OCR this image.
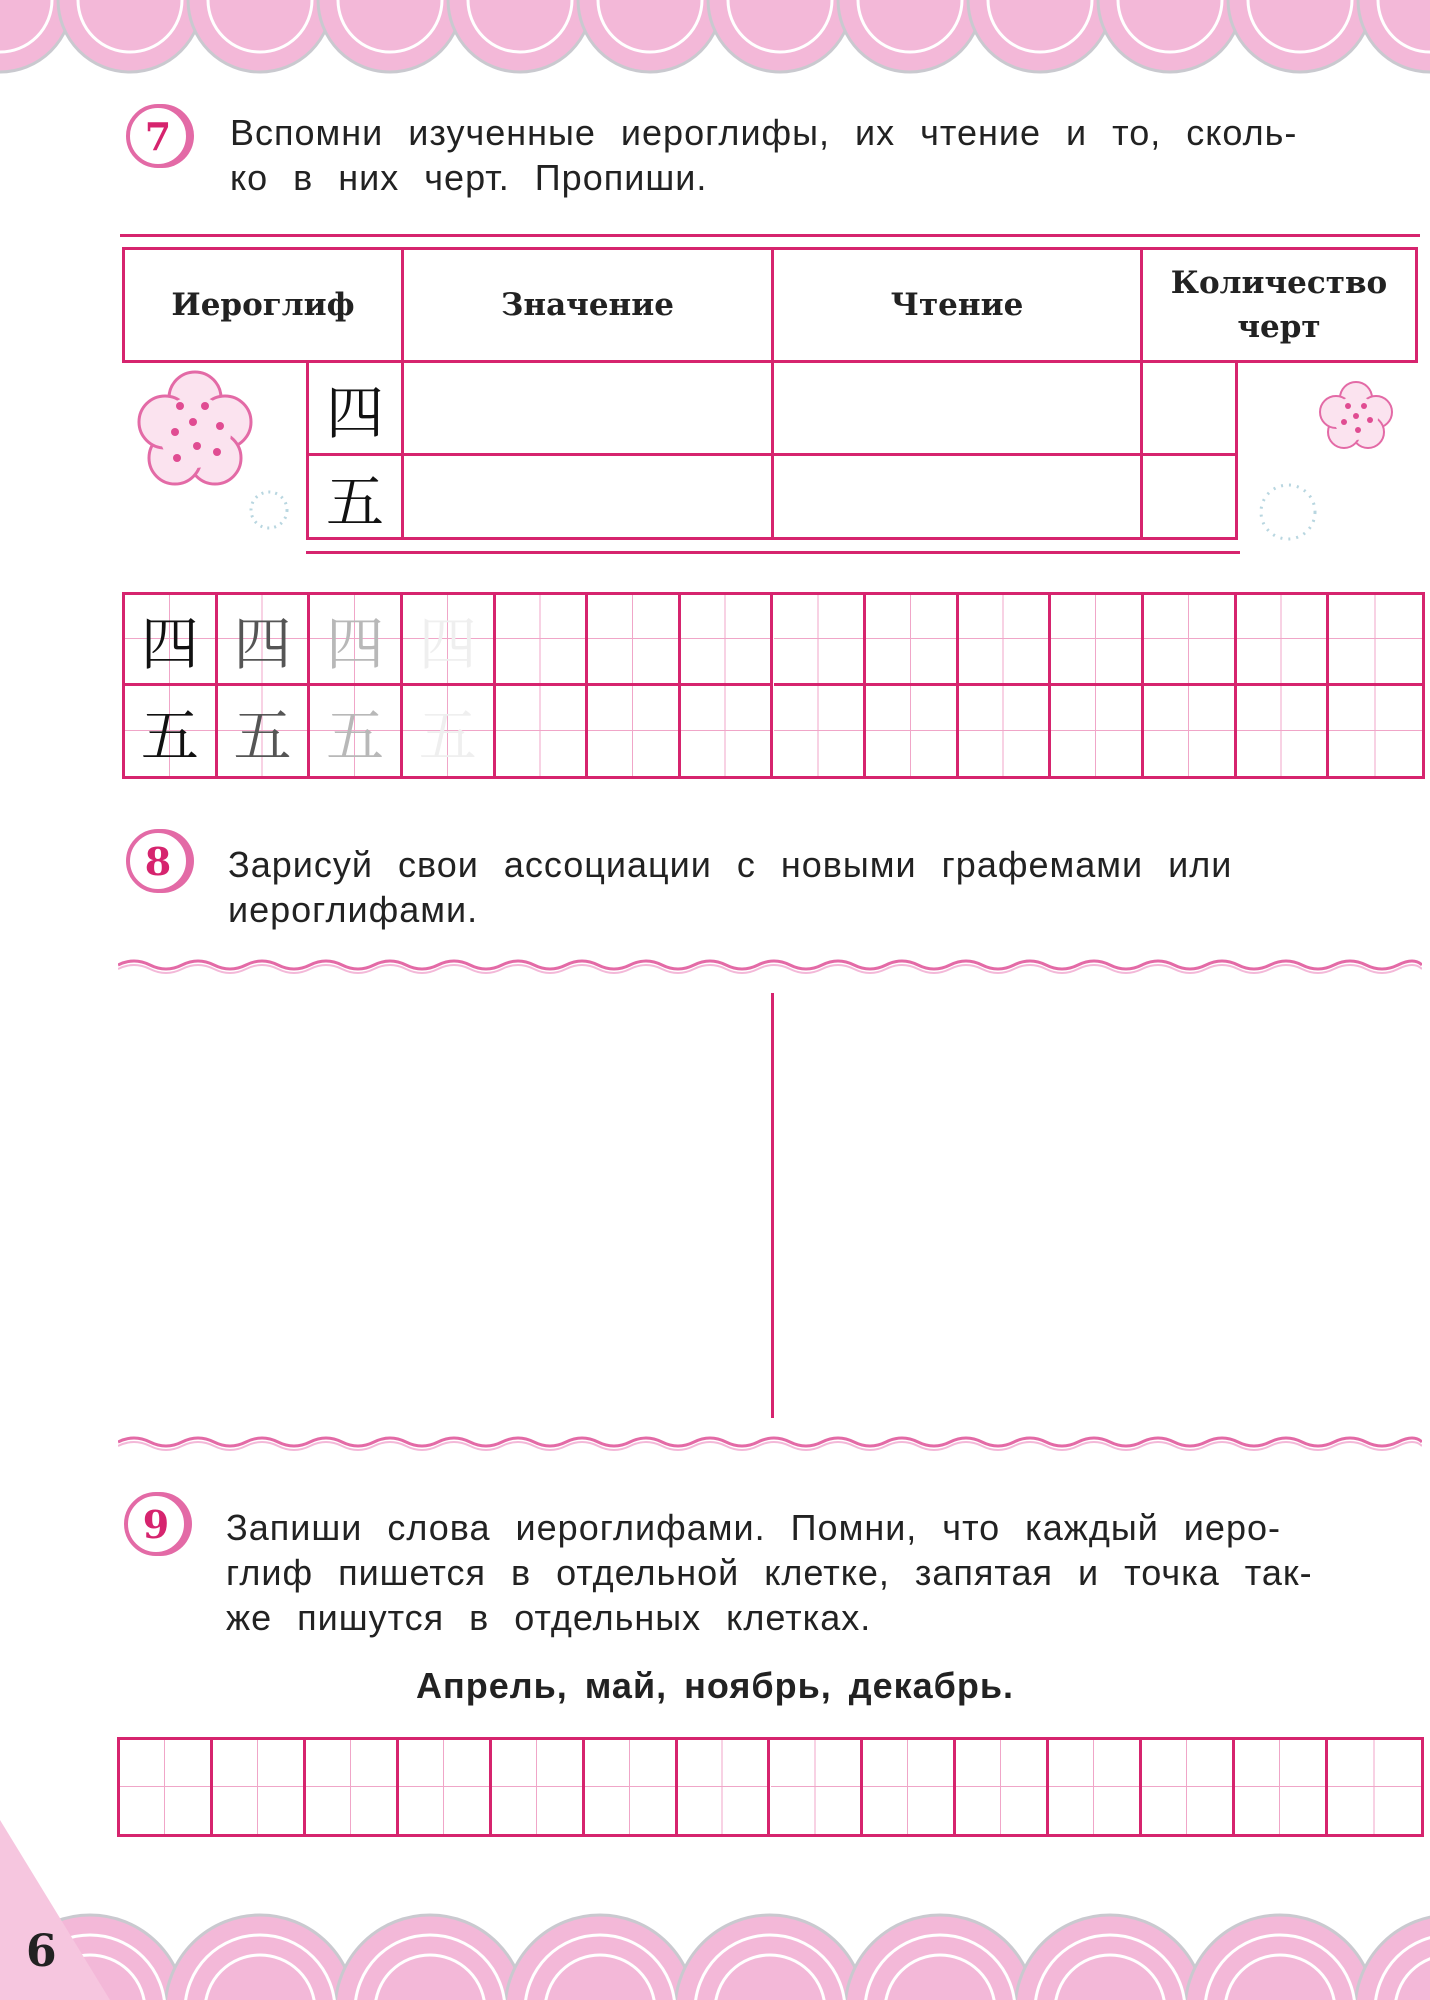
7 Вспомни изученные иероглифы, их чтение и то, сколь-
ко в них черт. Пропиши.
Иероглиф	Значение	Чтение
Количество черт
四
五
四 四 四 四
五 五 五 五
8 Зарисуй свои ассоциации с новыми графемами или
иероглифами.
9 Запиши слова иероглифами. Помни, что каждый иеро-
глиф пишется в отдельной клетке, запятая и точка так-
же пишутся в отдельных клетках.
Апрель, май, ноябрь, декабрь.
6
